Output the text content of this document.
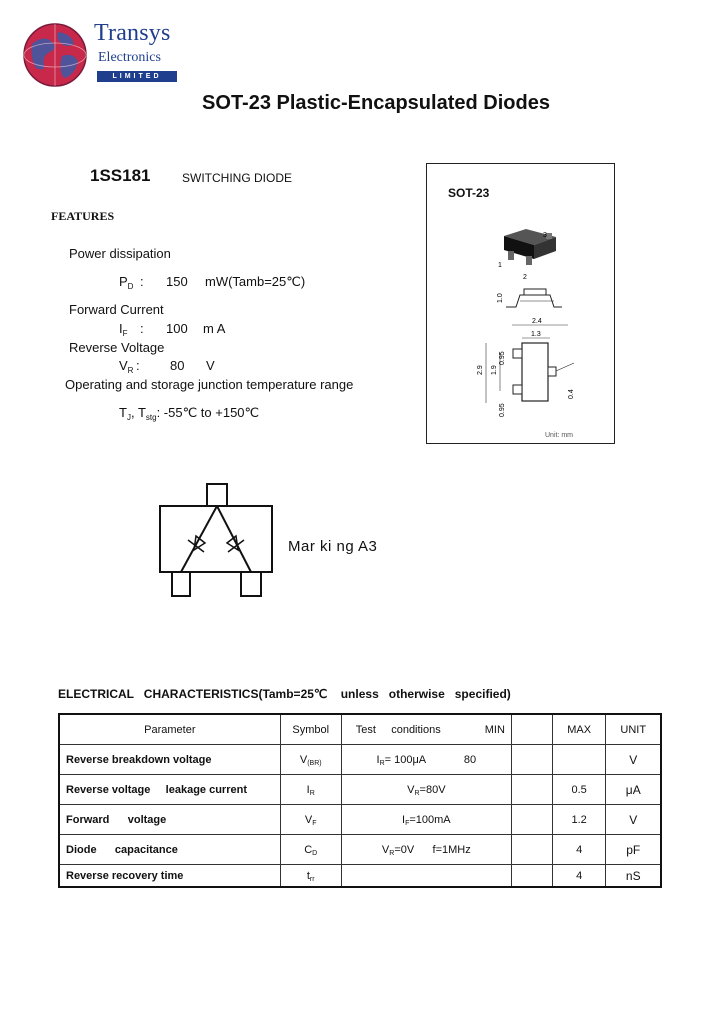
Transys
Electronics
LIMITED
SOT-23 Plastic-Encapsulated Diodes
1SS181	SWITCHING DIODE
FEATURES
Power dissipation
$P_D$ : 150 mW(Tamb=25℃)
Forward Current
$I_F$ : 100 m A
Reverse Voltage
$V_R$ : 80 V
Operating and storage junction temperature range
$T_J$, $T_{stg}$: -55℃ to +150℃
SOT-23
3
1
2
1.0
2.4
1.3
2.9 1.9
0.95
0.95
0.4
Unit: mm
Mar ki ng A3
ELECTRICAL   CHARACTERISTICS(Tamb=25℃    unless   otherwise   specified)
Parameter	Symbol	Test     conditions MIN		MAX	UNIT
Reverse breakdown voltage	V(BR)	IR= 100μA 80			V
Reverse voltage     leakage current	IR	VR=80V		0.5	μA
Forward      voltage	VF	IF=100mA		1.2	V
Diode      capacitance	CD	VR=0V      f=1MHz		4	pF
Reverse recovery time	trr			4	nS
